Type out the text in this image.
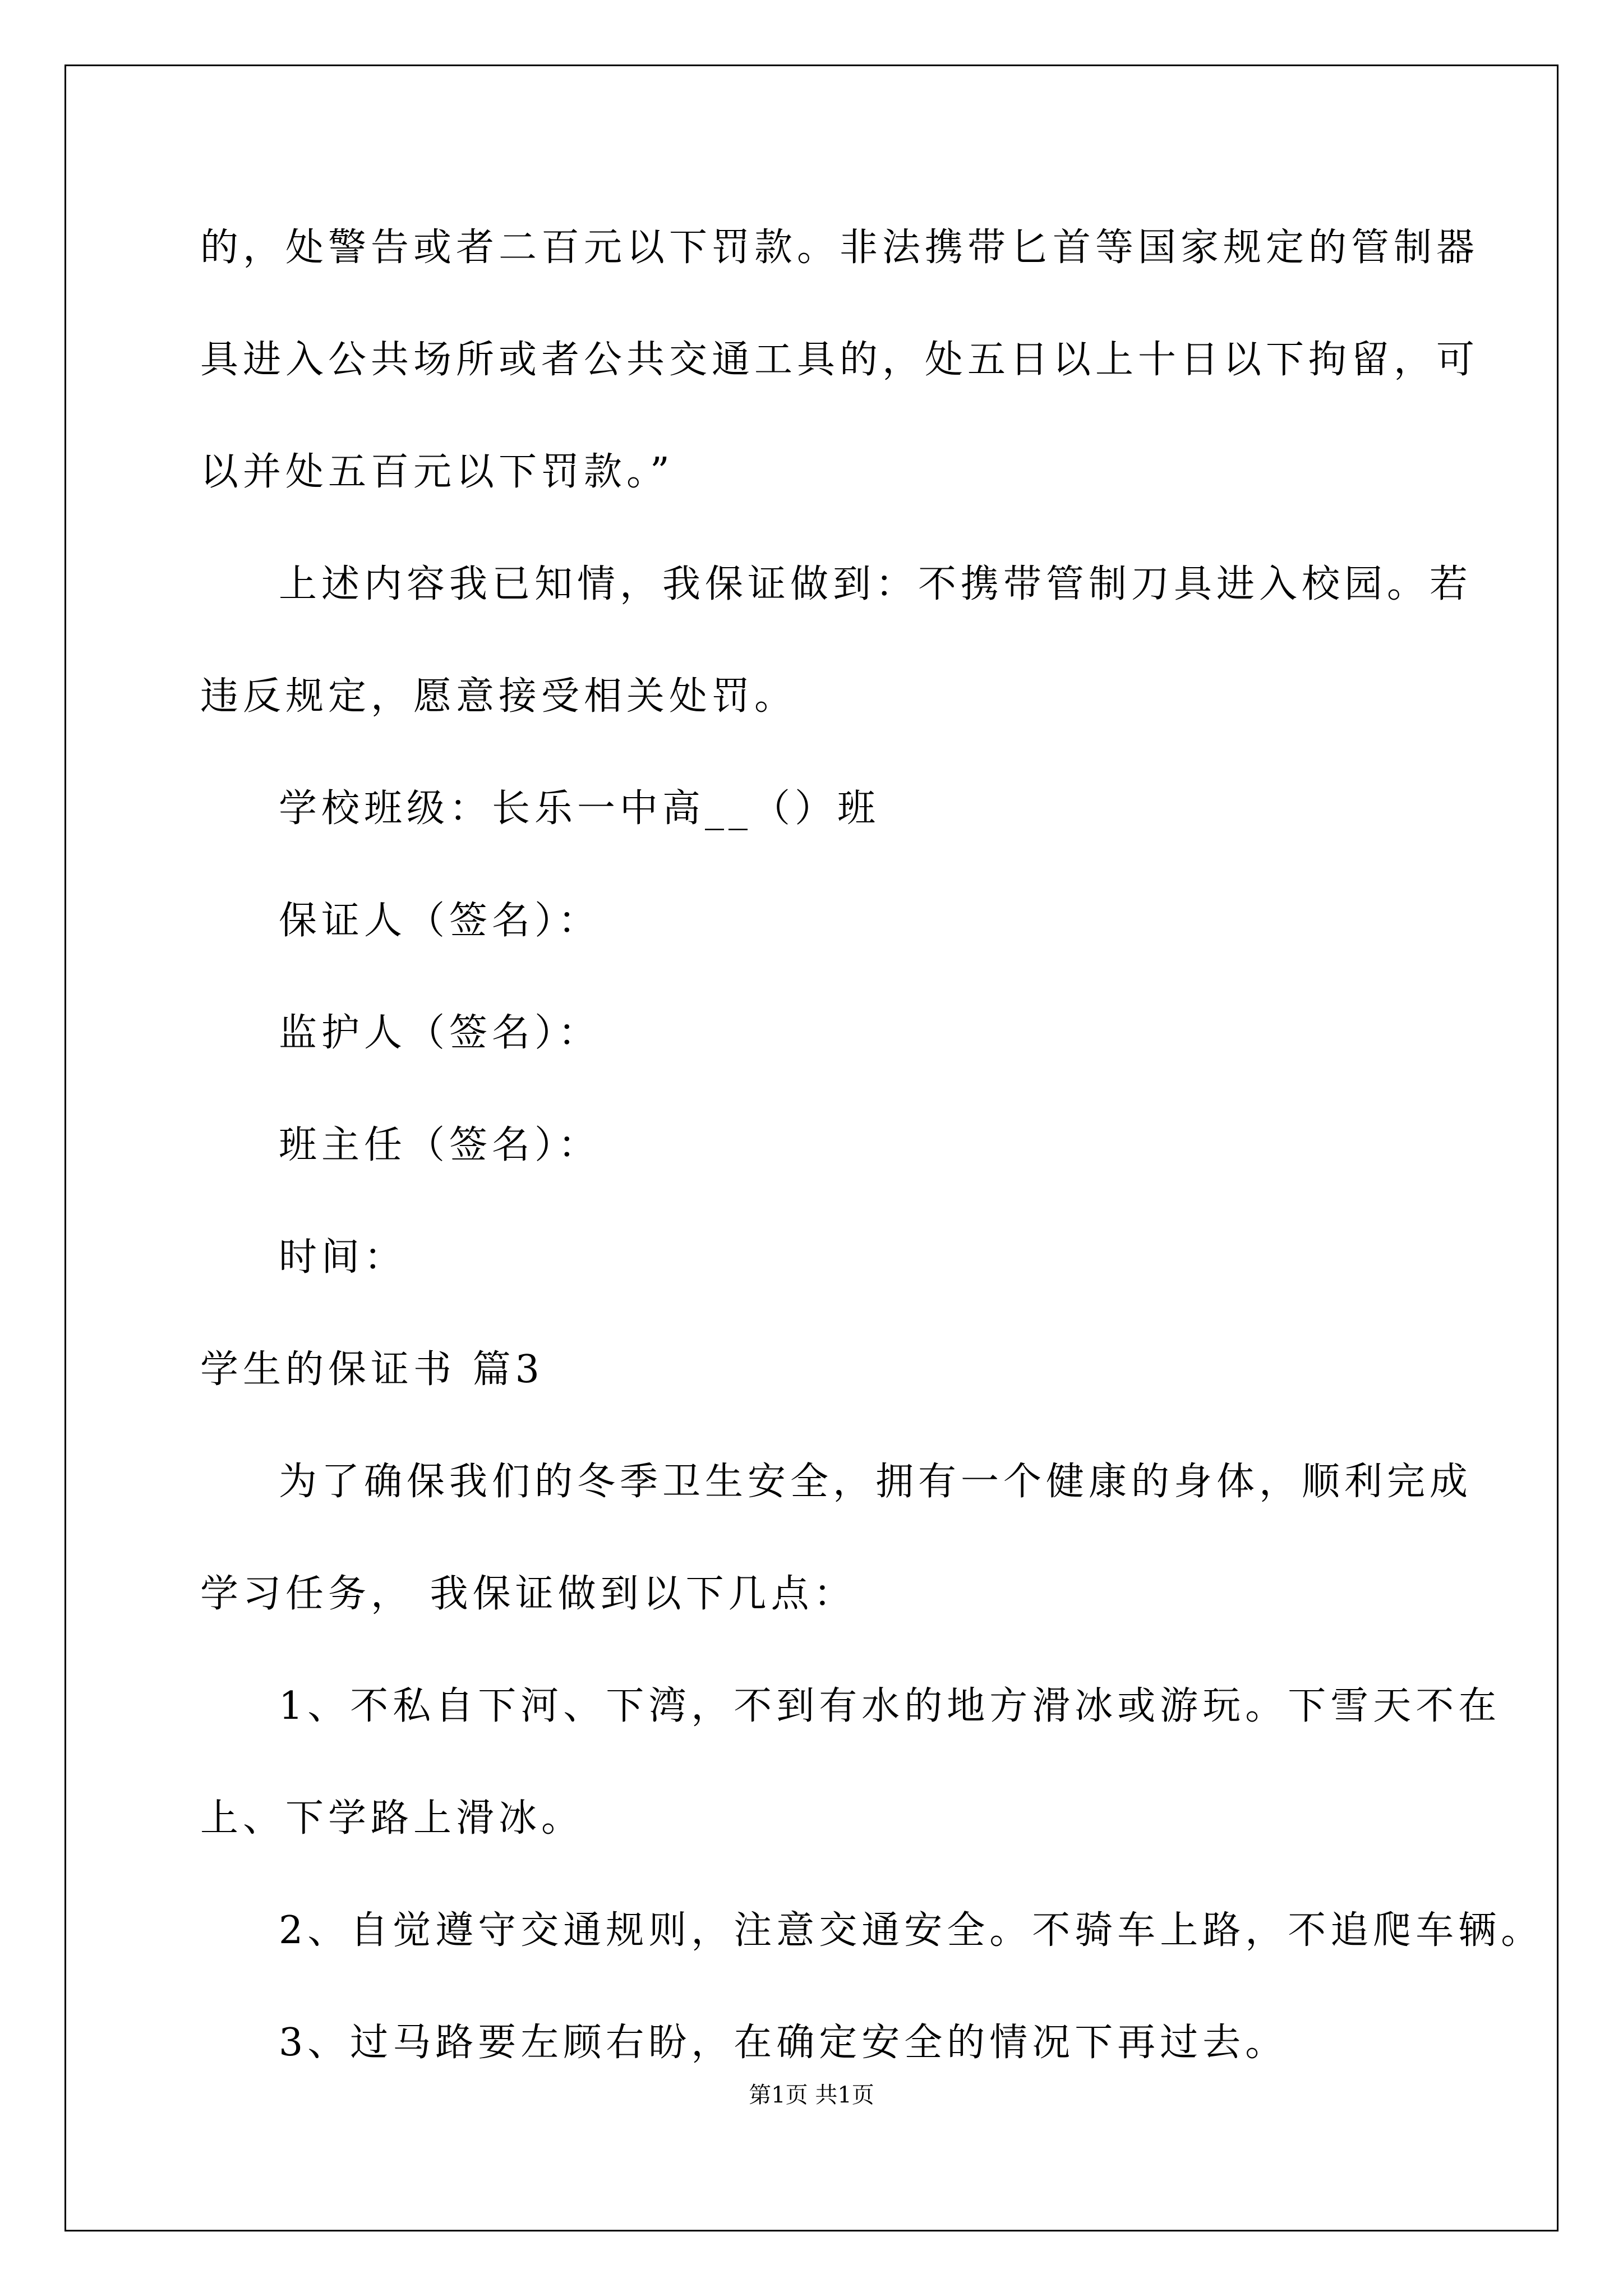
的，处警告或者二百元以下罚款。非法携带匕首等国家规定的管制器
具进入公共场所或者公共交通工具的，处五日以上十日以下拘留，可
以并处五百元以下罚款。”
上述内容我已知情，我保证做到：不携带管制刀具进入校园。若
违反规定，愿意接受相关处罚。
学校班级：长乐一中高__（）班
保证人（签名）：
监护人（签名）：
班主任（签名）：
时间：
学生的保证书 篇3
为了确保我们的冬季卫生安全，拥有一个健康的身体，顺利完成
学习任务， 我保证做到以下几点：
1、不私自下河、下湾，不到有水的地方滑冰或游玩。下雪天不在
上、下学路上滑冰。
2、自觉遵守交通规则，注意交通安全。不骑车上路，不追爬车辆。
3、过马路要左顾右盼，在确定安全的情况下再过去。
第1页 共1页
